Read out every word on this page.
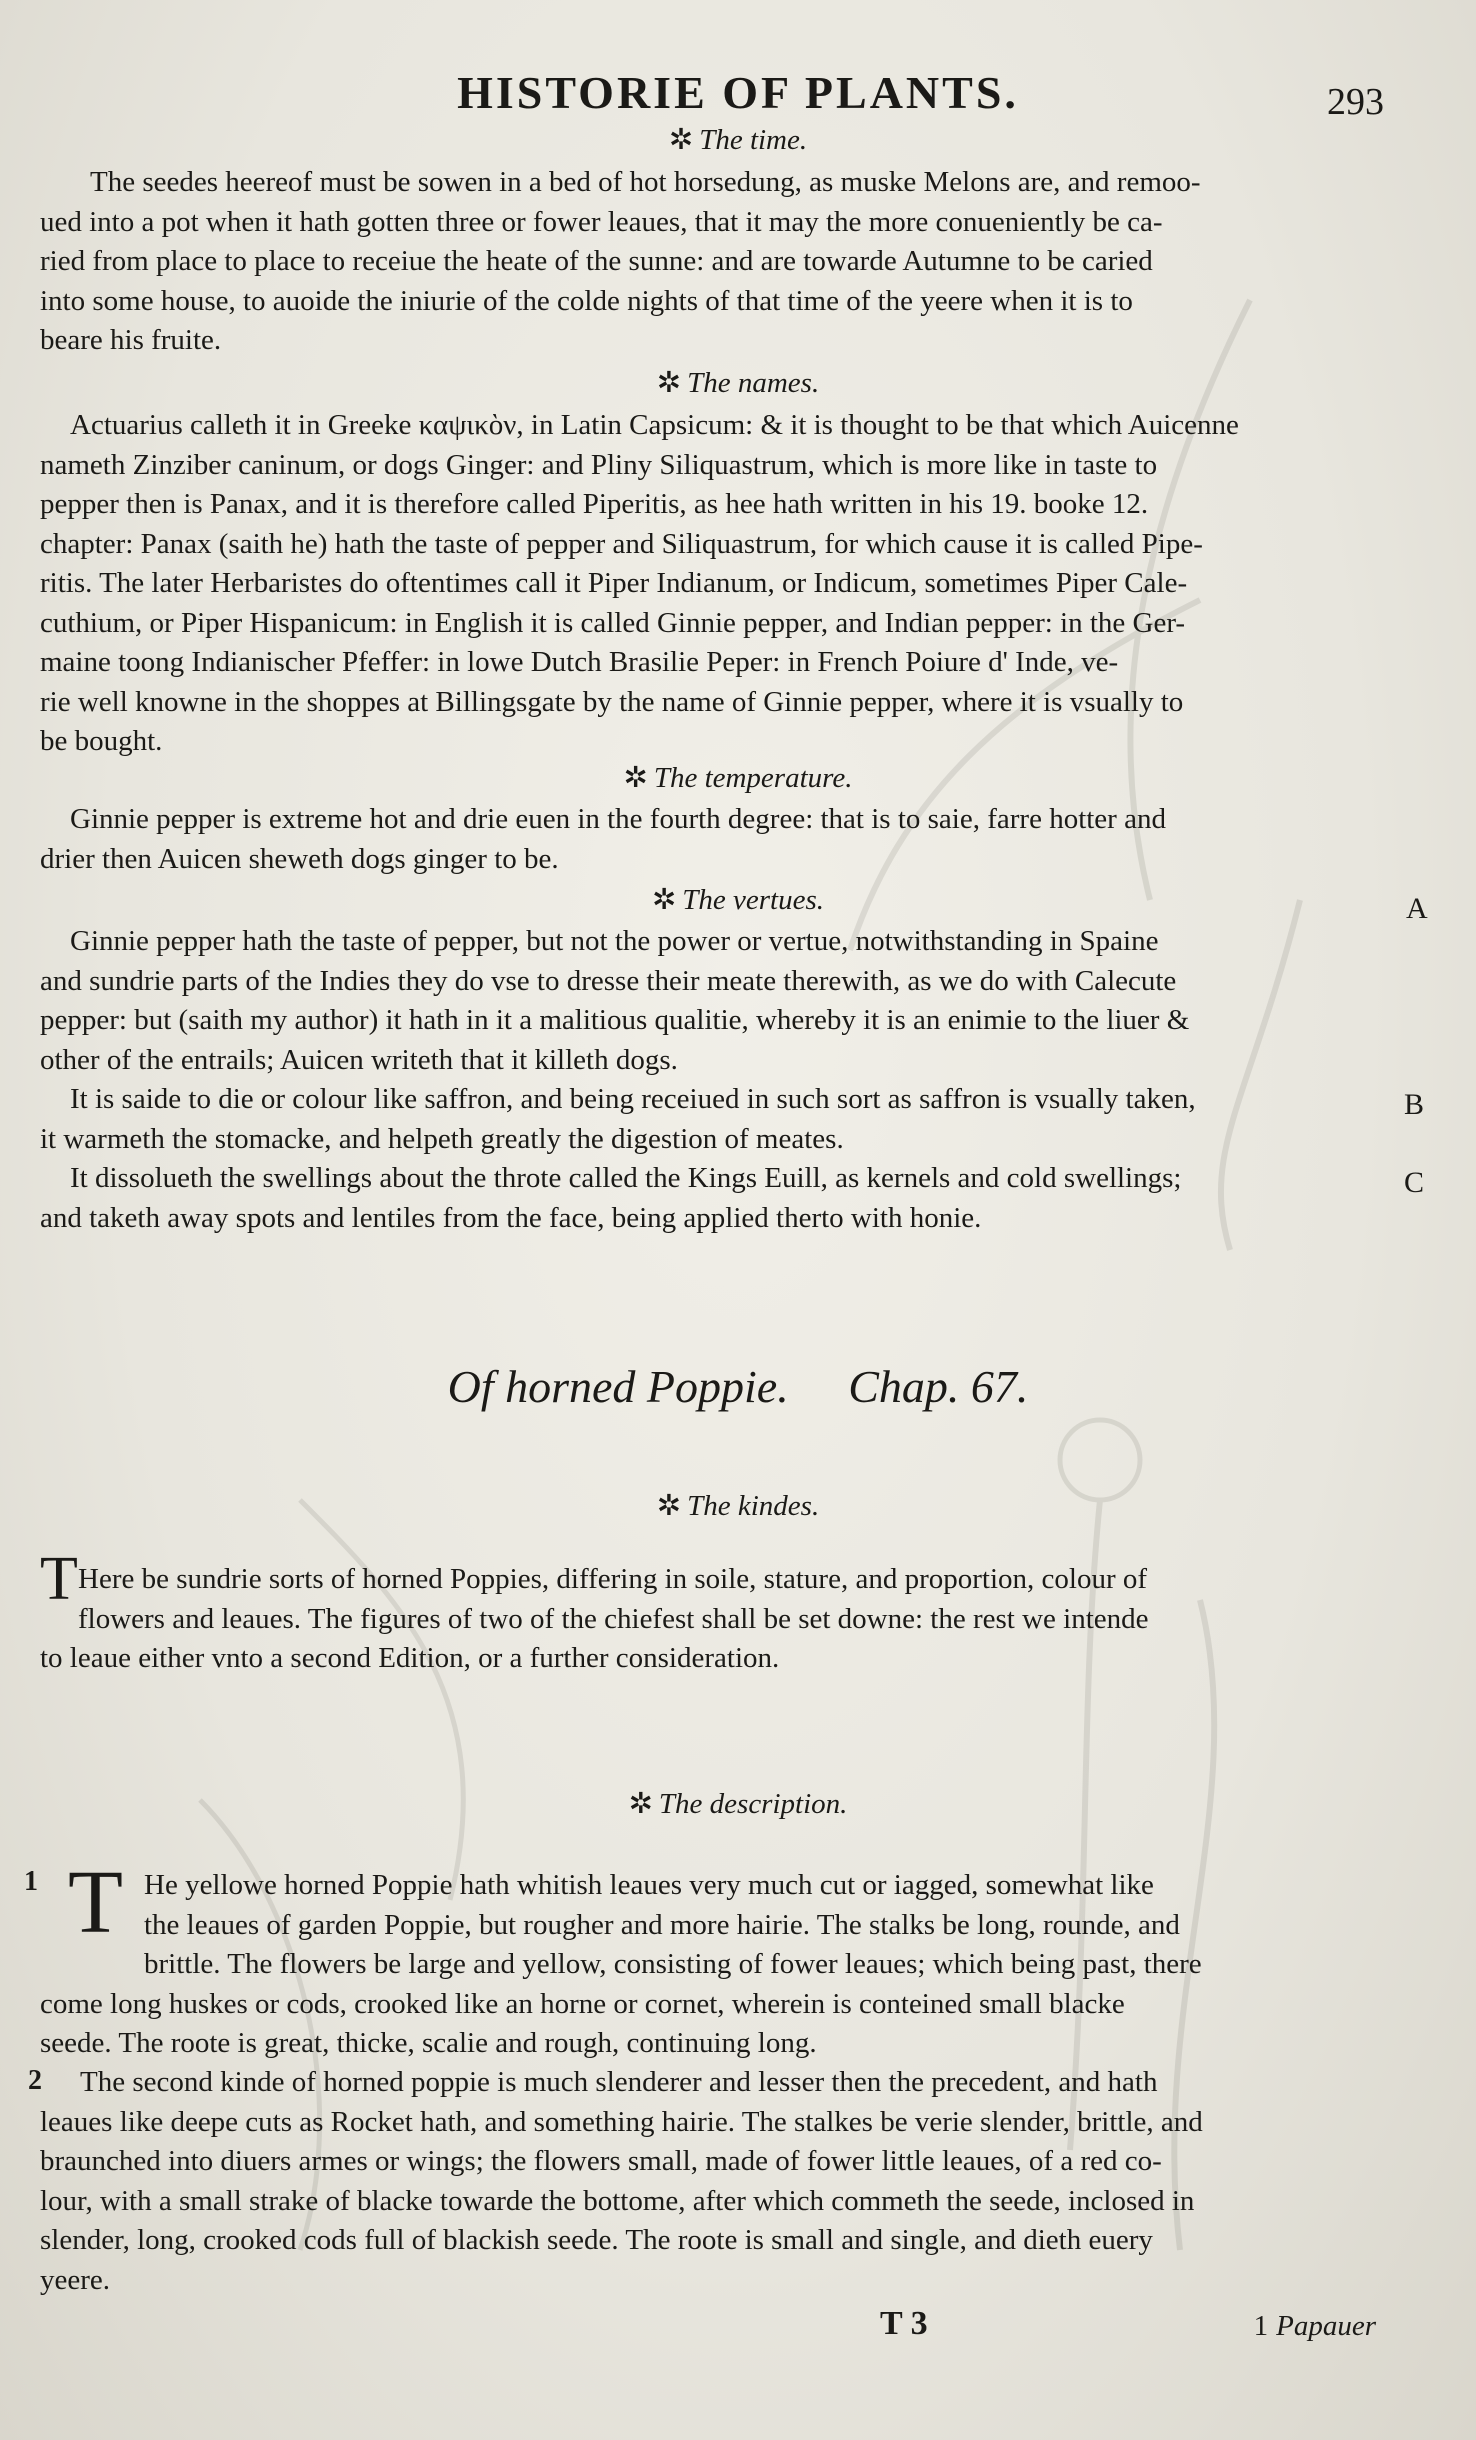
HISTORIE OF PLANTS.	293
✲ The time.
The seedes heereof must be sowen in a bed of hot horsedung, as muske Melons are, and remoo-
ued into a pot when it hath gotten three or fower leaues, that it may the more conueniently be ca-
ried from place to place to receiue the heate of the sunne: and are towarde Autumne to be caried
into some house, to auoide the iniurie of the colde nights of that time of the yeere when it is to
beare his fruite.
✲ The names.
Actuarius calleth it in Greeke καψικὸν, in Latin Capsicum: & it is thought to be that which Auicenne
nameth Zinziber caninum, or dogs Ginger: and Pliny Siliquastrum, which is more like in taste to
pepper then is Panax, and it is therefore called Piperitis, as hee hath written in his 19. booke 12.
chapter: Panax (saith he) hath the taste of pepper and Siliquastrum, for which cause it is called Pipe-
ritis. The later Herbaristes do oftentimes call it Piper Indianum, or Indicum, sometimes Piper Cale-
cuthium, or Piper Hispanicum: in English it is called Ginnie pepper, and Indian pepper: in the Ger-
maine toong Indianischer Pfeffer: in lowe Dutch Brasilie Peper: in French Poiure d' Inde, ve-
rie well knowne in the shoppes at Billingsgate by the name of Ginnie pepper, where it is vsually to
be bought.
✲ The temperature.
Ginnie pepper is extreme hot and drie euen in the fourth degree: that is to saie, farre hotter and
drier then Auicen sheweth dogs ginger to be.
✲ The vertues.
Ginnie pepper hath the taste of pepper, but not the power or vertue, notwithstanding in Spaine
and sundrie parts of the Indies they do vse to dresse their meate therewith, as we do with Calecute
pepper: but (saith my author) it hath in it a malitious qualitie, whereby it is an enimie to the liuer &
other of the entrails; Auicen writeth that it killeth dogs.
It is saide to die or colour like saffron, and being receiued in such sort as saffron is vsually taken,
it warmeth the stomacke, and helpeth greatly the digestion of meates.
It dissolueth the swellings about the throte called the Kings Euill, as kernels and cold swellings;
and taketh away spots and lentiles from the face, being applied therto with honie.
A
B
C
Of horned Poppie. Chap. 67.
✲ The kindes.
T Here be sundrie sorts of horned Poppies, differing in soile, stature, and proportion, colour of
flowers and leaues. The figures of two of the chiefest shall be set downe: the rest we intende
to leaue either vnto a second Edition, or a further consideration.
✲ The description.
1 T He yellowe horned Poppie hath whitish leaues very much cut or iagged, somewhat like
the leaues of garden Poppie, but rougher and more hairie. The stalks be long, rounde, and
brittle. The flowers be large and yellow, consisting of fower leaues; which being past, there
come long huskes or cods, crooked like an horne or cornet, wherein is conteined small blacke
seede. The roote is great, thicke, scalie and rough, continuing long.
2	The second kinde of horned poppie is much slenderer and lesser then the precedent, and hath
leaues like deepe cuts as Rocket hath, and something hairie. The stalkes be verie slender, brittle, and
braunched into diuers armes or wings; the flowers small, made of fower little leaues, of a red co-
lour, with a small strake of blacke towarde the bottome, after which commeth the seede, inclosed in
slender, long, crooked cods full of blackish seede. The roote is small and single, and dieth euery
yeere.
T 3	1 Papauer
